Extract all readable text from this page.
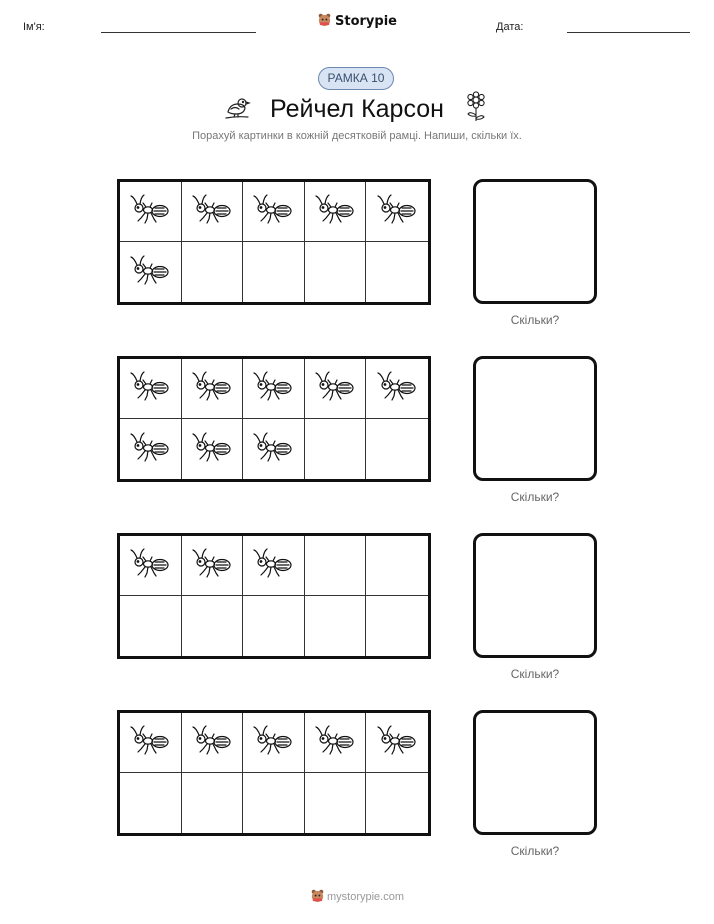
Ім'я:	Storypie	Дата:
РАМКА 10
Рейчел Карсон
Порахуй картинки в кожній десятковій рамці. Напиши, скільки їх.
Скільки?
Скільки?
Скільки?
Скільки?
mystorypie.com
